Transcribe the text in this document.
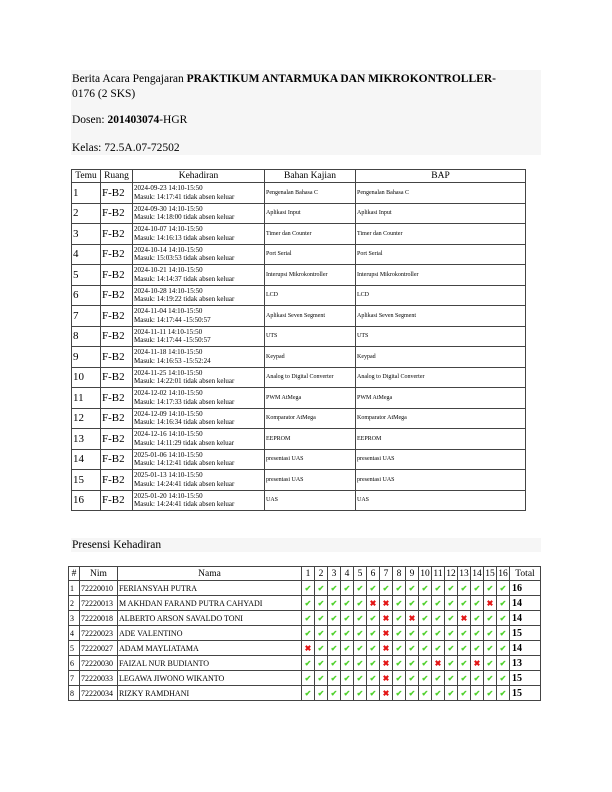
Berita Acara Pengajaran PRAKTIKUM ANTARMUKA DAN MIKROKONTROLLER-
0176 (2 SKS)
Dosen: 201403074-HGR
Kelas: 72.5A.07-72502
Temu	Ruang	Kehadiran	Bahan Kajian	BAP
1	F-B2	2024-09-23 14:10-15:50
Masuk: 14:17:41 tidak absen keluar	Pengenalan Bahasa C	Pengenalan Bahasa C
2	F-B2	2024-09-30 14:10-15:50
Masuk: 14:18:00 tidak absen keluar	Aplikasi Input	Aplikasi Input
3	F-B2	2024-10-07 14:10-15:50
Masuk: 14:16:13 tidak absen keluar	Timer dan Counter	Timer dan Counter
4	F-B2	2024-10-14 14:10-15:50
Masuk: 15:03:53 tidak absen keluar	Port Serial	Port Serial
5	F-B2	2024-10-21 14:10-15:50
Masuk: 14:14:37 tidak absen keluar	Interupsi Mikrokontroller	Interupsi Mikrokontroller
6	F-B2	2024-10-28 14:10-15:50
Masuk: 14:19:22 tidak absen keluar	LCD	LCD
7	F-B2	2024-11-04 14:10-15:50
Masuk: 14:17:44 -15:50:57	Aplikasi Seven Segment	Aplikasi Seven Segment
8	F-B2	2024-11-11 14:10-15:50
Masuk: 14:17:44 -15:50:57	UTS	UTS
9	F-B2	2024-11-18 14:10-15:50
Masuk: 14:16:53 -15:52:24	Keypad	Keypad
10	F-B2	2024-11-25 14:10-15:50
Masuk: 14:22:01 tidak absen keluar	Analog to Digital Converter	Analog to Digital Converter
11	F-B2	2024-12-02 14:10-15:50
Masuk: 14:17:33 tidak absen keluar	PWM AtMega	PWM AtMega
12	F-B2	2024-12-09 14:10-15:50
Masuk: 14:16:34 tidak absen keluar	Komparator AtMega	Komparator AtMega
13	F-B2	2024-12-16 14:10-15:50
Masuk: 14:11:29 tidak absen keluar	EEPROM	EEPROM
14	F-B2	2025-01-06 14:10-15:50
Masuk: 14:12:41 tidak absen keluar	presentasi UAS	presentasi UAS
15	F-B2	2025-01-13 14:10-15:50
Masuk: 14:24:41 tidak absen keluar	presentasi UAS	presentasi UAS
16	F-B2	2025-01-20 14:10-15:50
Masuk: 14:24:41 tidak absen keluar	UAS	UAS
Presensi Kehadiran
#	Nim	Nama	1	2	3	4	5	6	7	8	9	10	11	12	13	14	15	16	Total
1	72220010	FERIANSYAH PUTRA	✔	✔	✔	✔	✔	✔	✔	✔	✔	✔	✔	✔	✔	✔	✔	✔	16
2	72220013	M AKHDAN FARAND PUTRA CAHYADI	✔	✔	✔	✔	✔	✖	✖	✔	✔	✔	✔	✔	✔	✔	✖	✔	14
3	72220018	ALBERTO ARSON SAVALDO TONI	✔	✔	✔	✔	✔	✔	✖	✔	✖	✔	✔	✔	✖	✔	✔	✔	14
4	72220023	ADE VALENTINO	✔	✔	✔	✔	✔	✔	✖	✔	✔	✔	✔	✔	✔	✔	✔	✔	15
5	72220027	ADAM MAYLIATAMA	✖	✔	✔	✔	✔	✔	✖	✔	✔	✔	✔	✔	✔	✔	✔	✔	14
6	72220030	FAIZAL NUR BUDIANTO	✔	✔	✔	✔	✔	✔	✖	✔	✔	✔	✖	✔	✔	✖	✔	✔	13
7	72220033	LEGAWA JIWONO WIKANTO	✔	✔	✔	✔	✔	✔	✖	✔	✔	✔	✔	✔	✔	✔	✔	✔	15
8	72220034	RIZKY RAMDHANI	✔	✔	✔	✔	✔	✔	✖	✔	✔	✔	✔	✔	✔	✔	✔	✔	15
